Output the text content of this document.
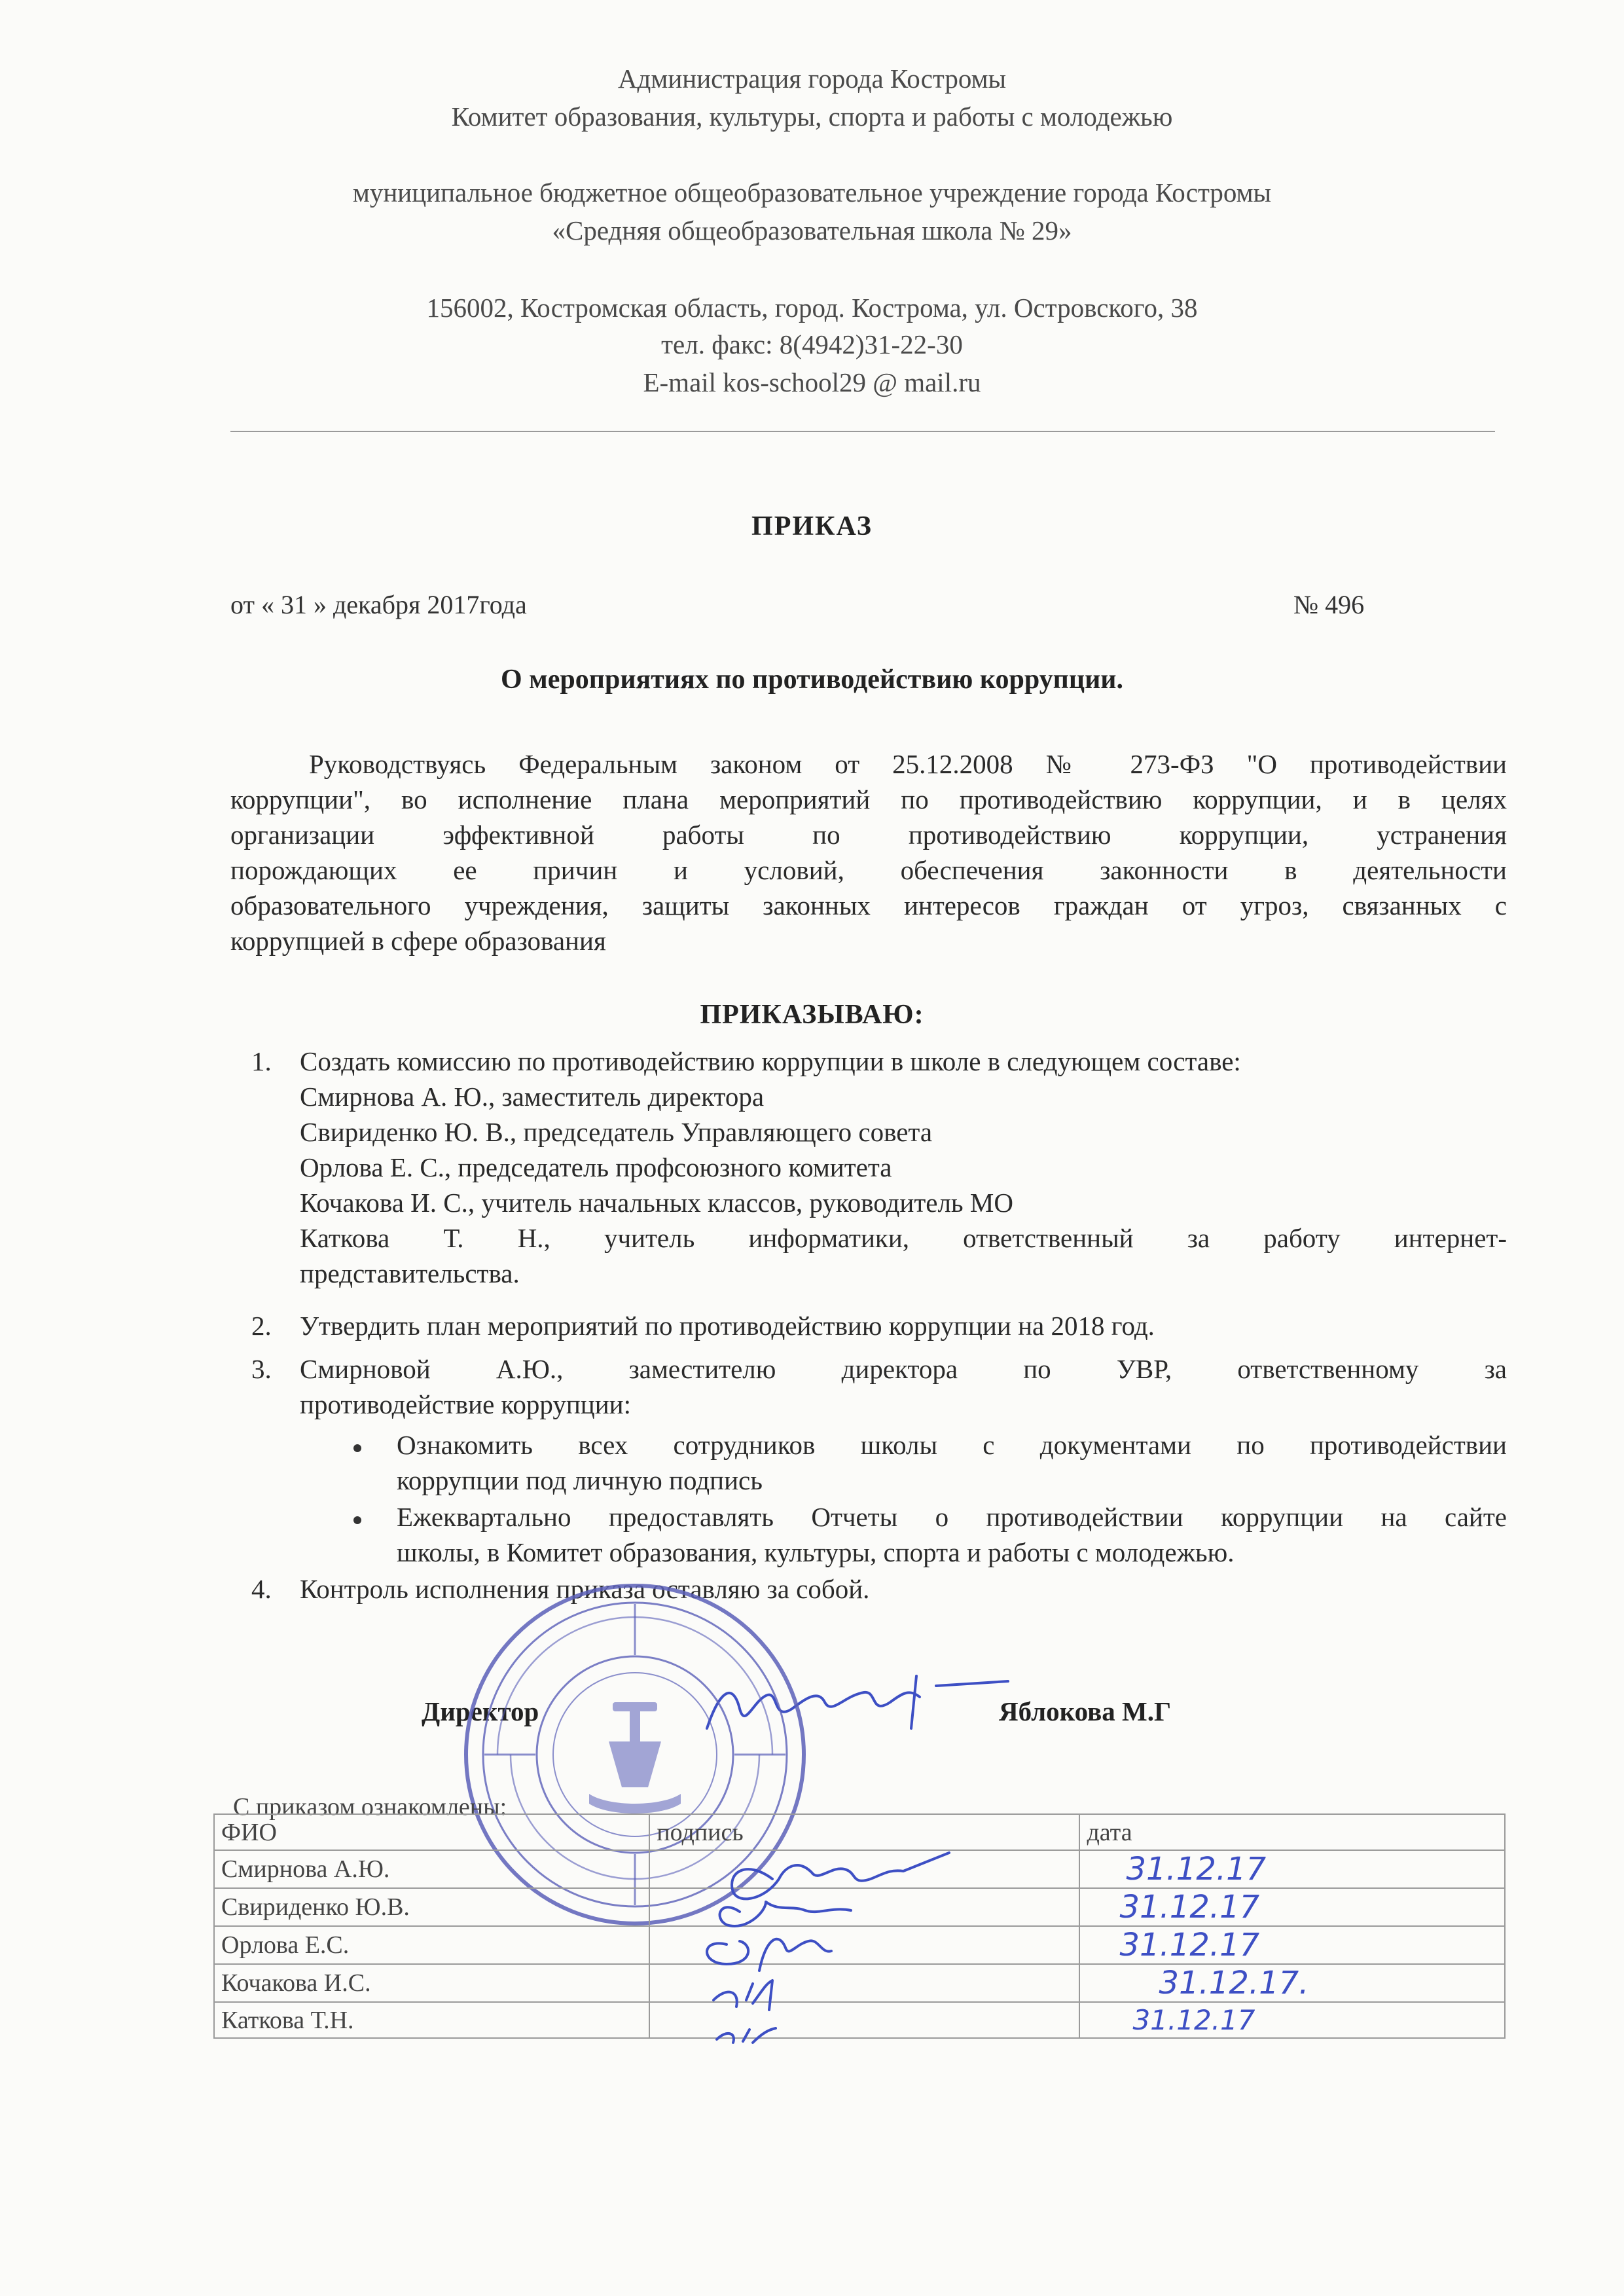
Администрация города Костромы
Комитет образования, культуры, спорта и работы с молодежью
муниципальное бюджетное общеобразовательное учреждение города Костромы
«Средняя общеобразовательная школа № 29»
156002, Костромская область, город. Кострома, ул. Островского, 38
тел. факс: 8(4942)31-22-30
E-mail kos-school29 @ mail.ru
ПРИКАЗ
от « 31 » декабря 2017года	№ 496
О мероприятиях по противодействию коррупции.
Руководствуясь Федеральным законом от 25.12.2008 № 273-ФЗ "О противодействии
коррупции", во исполнение плана мероприятий по противодействию коррупции, и в целях
организации эффективной работы по противодействию коррупции, устранения
порождающих ее причин и условий, обеспечения законности в деятельности
образовательного учреждения, защиты законных интересов граждан от угроз, связанных с
коррупцией в сфере образования
ПРИКАЗЫВАЮ:
1. Создать комиссию по противодействию коррупции в школе в следующем составе:
Смирнова А. Ю., заместитель директора
Свириденко Ю. В., председатель Управляющего совета
Орлова Е. С., председатель профсоюзного комитета
Кочакова И. С., учитель начальных классов, руководитель МО
Каткова Т. Н., учитель информатики, ответственный за работу интернет-
представительства.
2. Утвердить план мероприятий по противодействию коррупции на 2018 год.
3. Смирновой А.Ю., заместителю директора по УВР, ответственному за
противодействие коррупции:
Ознакомить всех сотрудников школы с документами по противодействии
коррупции под личную подпись
Ежеквартально предоставлять Отчеты о противодействии коррупции на сайте
школы, в Комитет образования, культуры, спорта и работы с молодежью.
4. Контроль исполнения приказа оставляю за собой.
Директор	Яблокова М.Г
С приказом ознакомлены:
ФИО	подпись	дата
Смирнова А.Ю.		31.12.17
Свириденко Ю.В.		31.12.17
Орлова Е.С.		31.12.17
Кочакова И.С.		31.12.17.
Каткова Т.Н.		31.12.17
